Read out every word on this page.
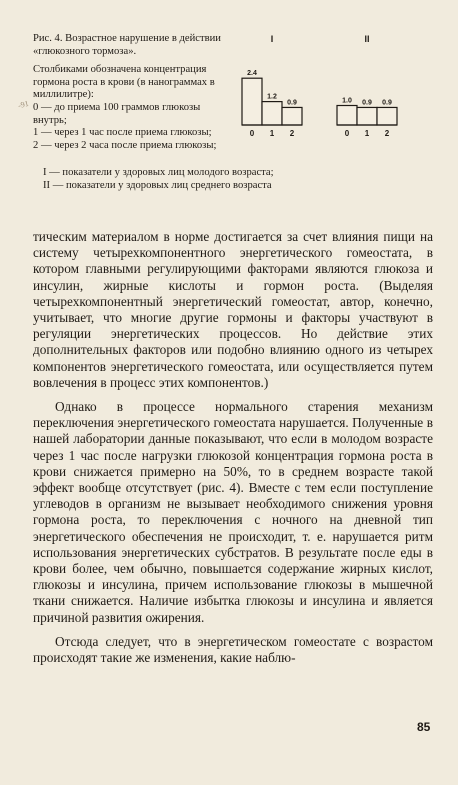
-91

Рис. 4. Возрастное нарушение в действии «глюкозного тормоза».

Столбиками обозначена концентрация гормона роста в крови (в нанограммах в миллилитре):

0 — до приема 100 граммов глюкозы внутрь;

1 — через 1 час после приема глюкозы;

2 — через 2 часа после приема глюкозы;

I — показатели у здоровых лиц молодого возраста;

II — показатели у здоровых лиц среднего возраста

I
2.4
0
1.2
1
0.9
2
II
1.0
0
0.9
1
0.9
2

тическим материалом в норме достигается за счет влияния пищи на систему четырехкомпонентного энергетического гомеостата, в котором главными регулирующими факторами являются глюкоза и инсулин, жирные кислоты и гормон роста. (Выделяя четырехкомпонентный энергетический гомеостат, автор, конечно, учитывает, что многие другие гормоны и факторы участвуют в регуляции энергетических процессов. Но действие этих дополнительных факторов или подобно влиянию одного из четырех компонентов энергетического гомеостата, или осуществляется путем вовлечения в процесс этих компонентов.)

Однако в процессе нормального старения механизм переключения энергетического гомеостата нарушается. Полученные в нашей лаборатории данные показывают, что если в молодом возрасте через 1 час после нагрузки глюкозой концентрация гормона роста в крови снижается примерно на 50%, то в среднем возрасте такой эффект вообще отсутствует (рис. 4). Вместе с тем если поступление углеводов в организм не вызывает необходимого снижения уровня гормона роста, то переключения с ночного на дневной тип энергетического обеспечения не происходит, т. е. нарушается ритм использования энергетических субстратов. В результате после еды в крови более, чем обычно, повышается содержание жирных кислот, глюкозы и инсулина, причем использование глюкозы в мышечной ткани снижается. Наличие избытка глюкозы и инсулина и является причиной развития ожирения.

Отсюда следует, что в энергетическом гомеостате с возрастом происходят такие же изменения, какие наблю-

85
